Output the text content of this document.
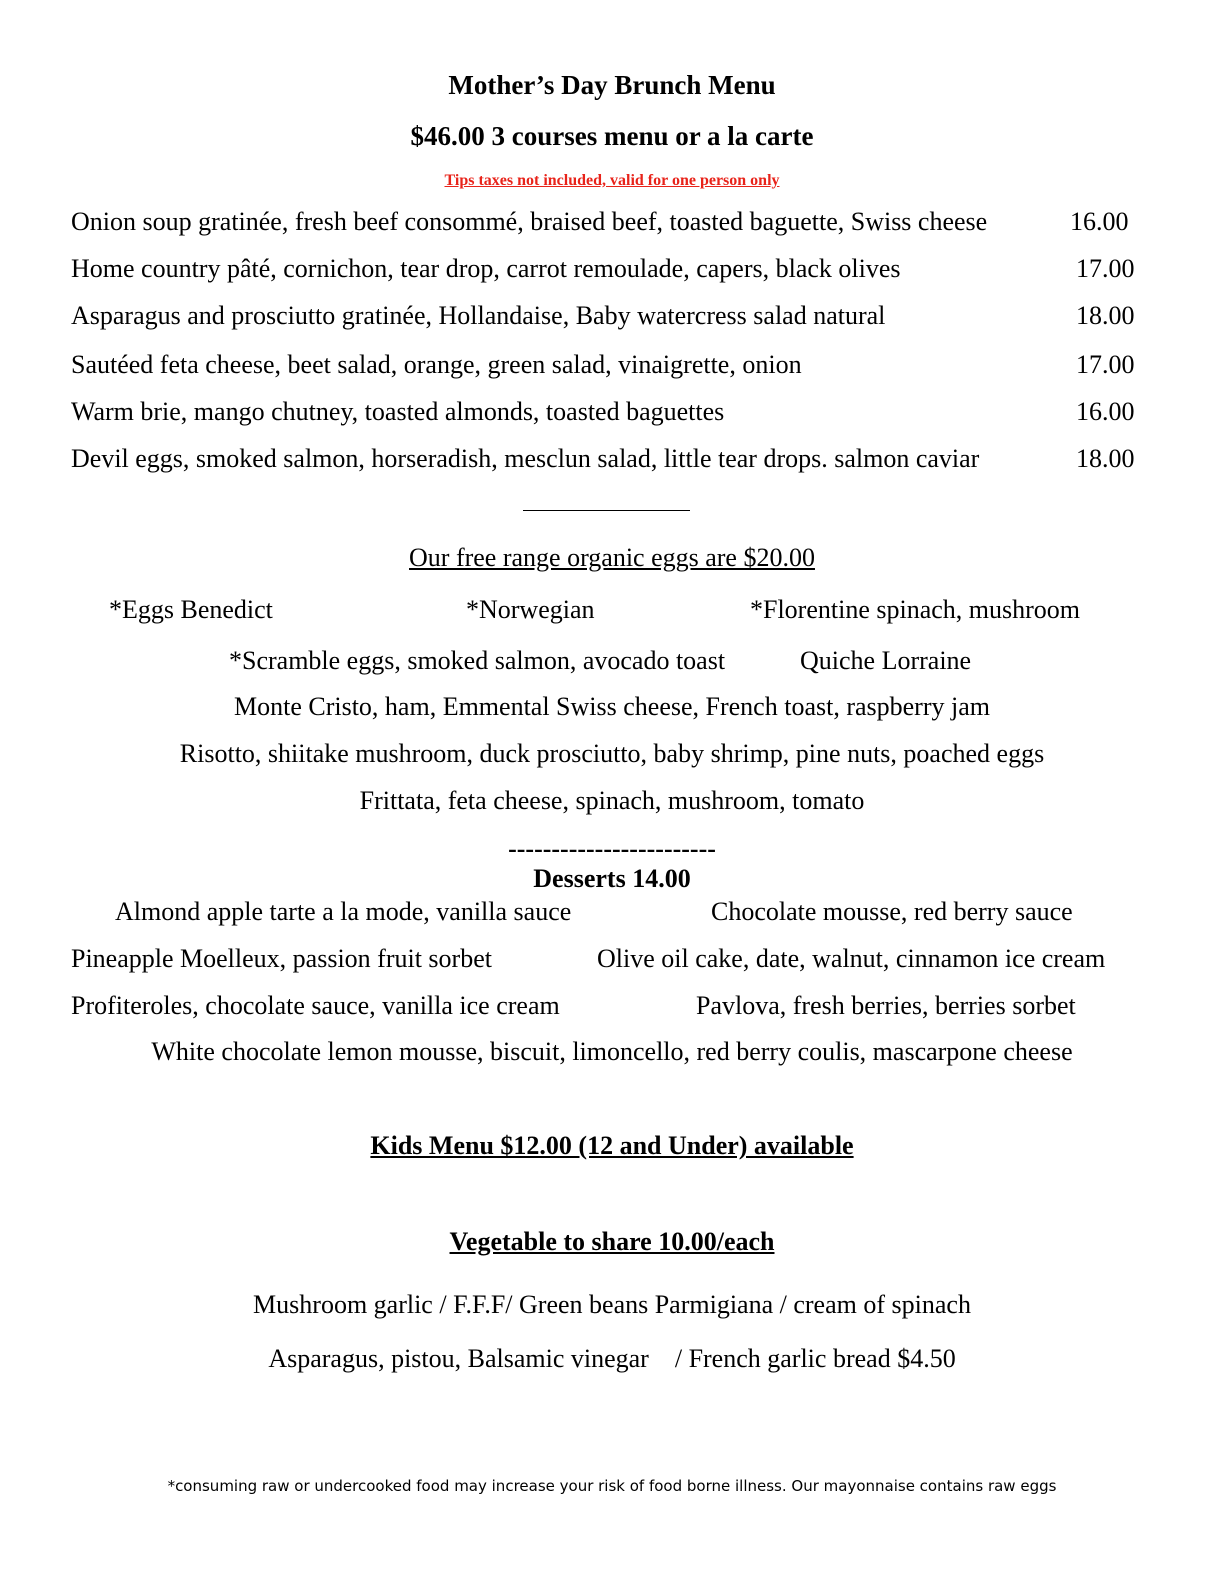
Mother’s Day Brunch Menu
$46.00 3 courses menu or a la carte
Tips taxes not included, valid for one person only
Onion soup gratinée, fresh beef consommé, braised beef, toasted baguette, Swiss cheese	16.00
Home country pâté, cornichon, tear drop, carrot remoulade, capers, black olives	17.00
Asparagus and prosciutto gratinée, Hollandaise, Baby watercress salad natural	18.00
Sautéed feta cheese, beet salad, orange, green salad, vinaigrette, onion	17.00
Warm brie, mango chutney, toasted almonds, toasted baguettes	16.00
Devil eggs, smoked salmon, horseradish, mesclun salad, little tear drops. salmon caviar	18.00
Our free range organic eggs are $20.00
*Eggs Benedict	*Norwegian	*Florentine spinach, mushroom
*Scramble eggs, smoked salmon, avocado toast	Quiche Lorraine
Monte Cristo, ham, Emmental Swiss cheese, French toast, raspberry jam
Risotto, shiitake mushroom, duck prosciutto, baby shrimp, pine nuts, poached eggs
Frittata, feta cheese, spinach, mushroom, tomato
------------------------
Desserts 14.00
Almond apple tarte a la mode, vanilla sauce	Chocolate mousse, red berry sauce
Pineapple Moelleux, passion fruit sorbet	Olive oil cake, date, walnut, cinnamon ice cream
Profiteroles, chocolate sauce, vanilla ice cream	Pavlova, fresh berries, berries sorbet
White chocolate lemon mousse, biscuit, limoncello, red berry coulis, mascarpone cheese
Kids Menu $12.00 (12 and Under) available
Vegetable to share 10.00/each
Mushroom garlic / F.F.F/ Green beans Parmigiana / cream of spinach
Asparagus, pistou, Balsamic vinegar    / French garlic bread $4.50
*consuming raw or undercooked food may increase your risk of food borne illness. Our mayonnaise contains raw eggs
